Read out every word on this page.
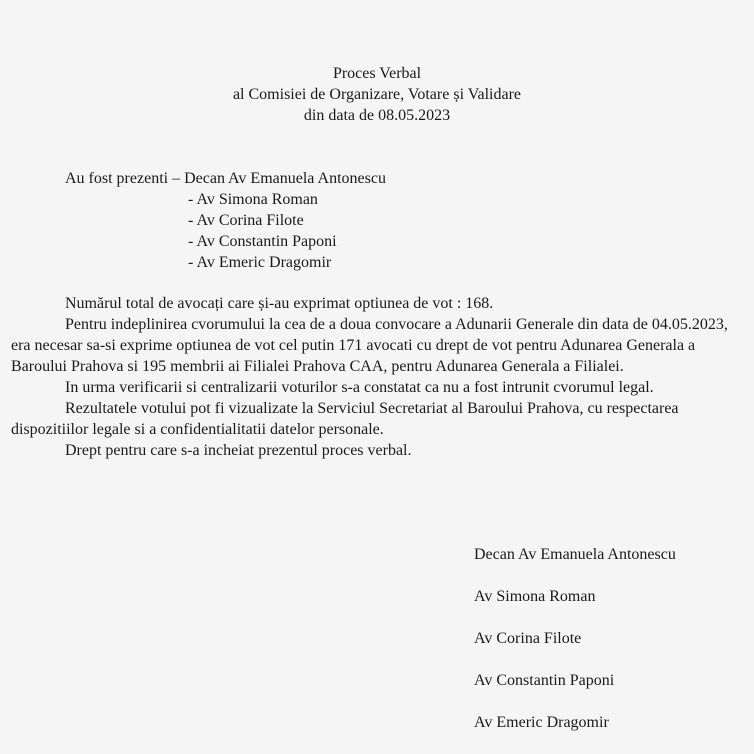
Proces Verbal
al Comisiei de Organizare, Votare și Validare
din data de 08.05.2023
Au fost prezenti – Decan Av Emanuela Antonescu
- Av Simona Roman
- Av Corina Filote
- Av Constantin Paponi
- Av Emeric Dragomir

Numărul total de avocați care și-au exprimat optiunea de vot : 168.

Pentru indeplinirea cvorumului la cea de a doua convocare a Adunarii Generale din data de 04.05.2023, era necesar sa-si exprime optiunea de vot cel putin 171 avocati cu drept de vot pentru Adunarea Generala a Baroului Prahova si 195 membrii ai Filialei Prahova CAA, pentru Adunarea Generala a Filialei.

In urma verificarii si centralizarii voturilor s-a constatat ca nu a fost intrunit cvorumul legal.

Rezultatele votului pot fi vizualizate la Serviciul Secretariat al Baroului Prahova, cu respectarea dispozitiilor legale si a confidentialitatii datelor personale.

Drept pentru care s-a incheiat prezentul proces verbal.

Decan Av Emanuela Antonescu
Av Simona Roman
Av Corina Filote
Av Constantin Paponi
Av Emeric Dragomir
